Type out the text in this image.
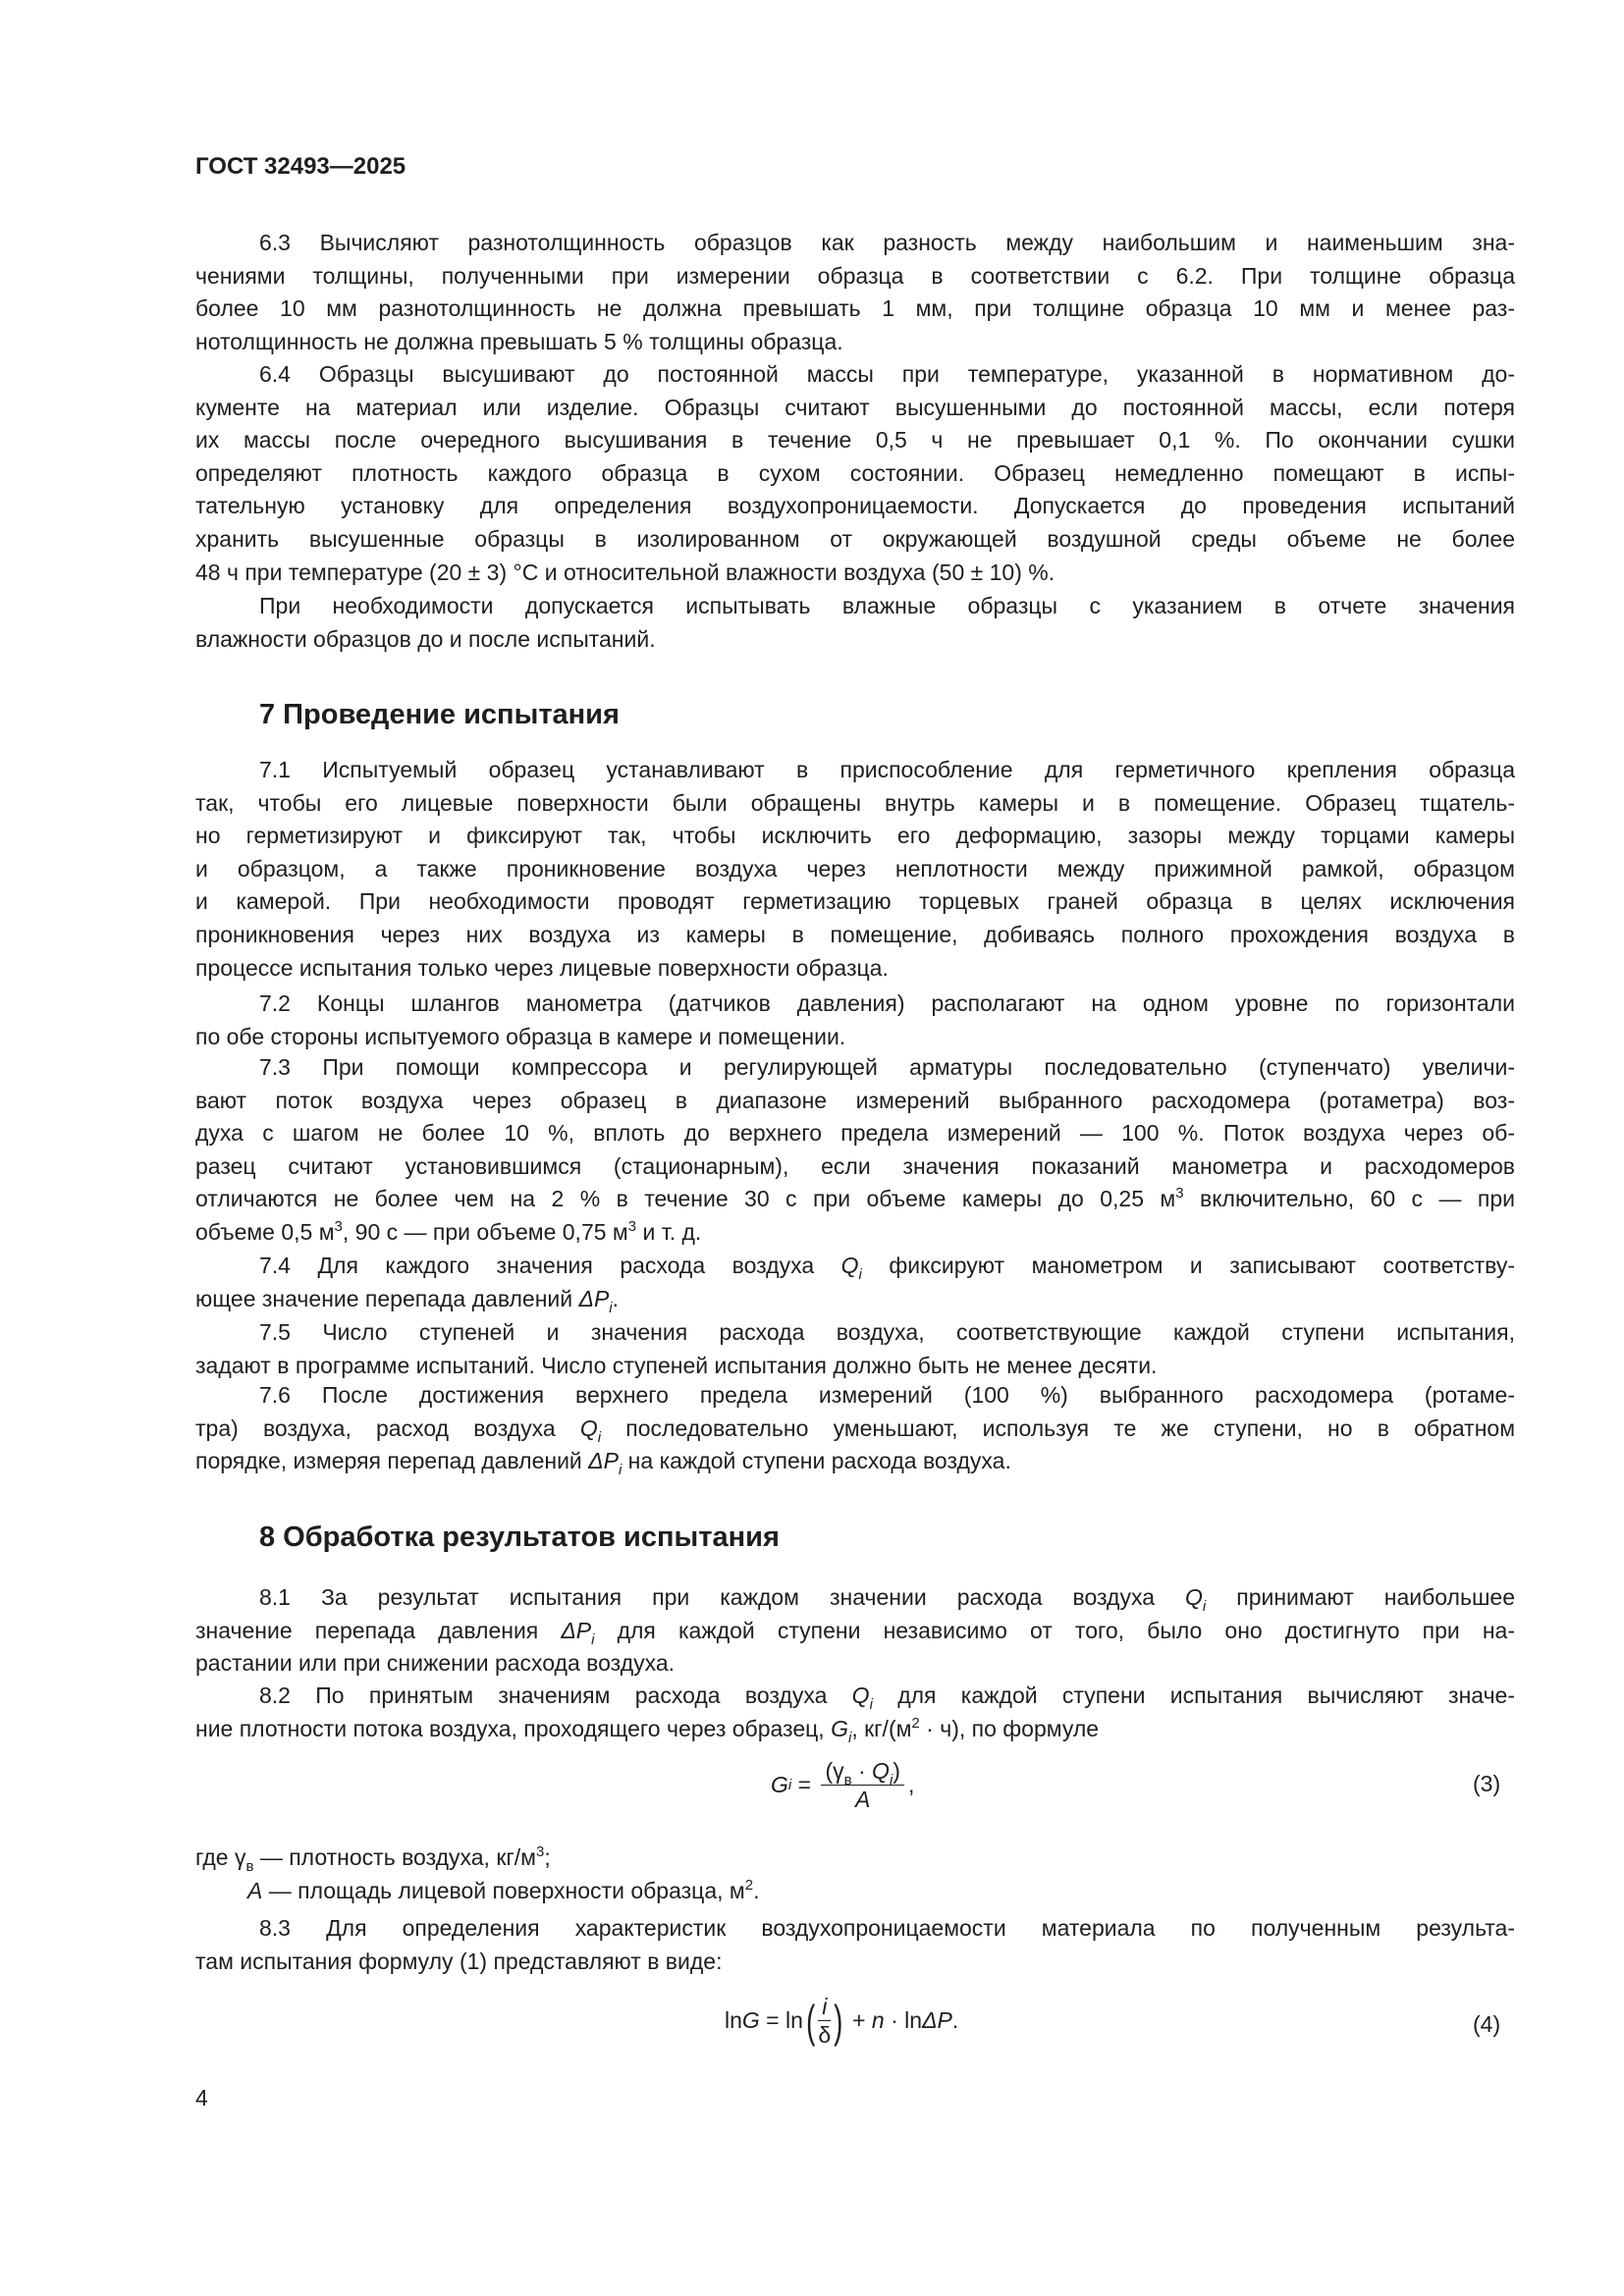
ГОСТ 32493—2025
6.3 Вычисляют разнотолщинность образцов как разность между наибольшим и наименьшим зна-
чениями толщины, полученными при измерении образца в соответствии с 6.2. При толщине образца
более 10 мм разнотолщинность не должна превышать 1 мм, при толщине образца 10 мм и менее раз-
нотолщинность не должна превышать 5 % толщины образца.
6.4 Образцы высушивают до постоянной массы при температуре, указанной в нормативном до-
кументе на материал или изделие. Образцы считают высушенными до постоянной массы, если потеря
их массы после очередного высушивания в течение 0,5 ч не превышает 0,1 %. По окончании сушки
определяют плотность каждого образца в сухом состоянии. Образец немедленно помещают в испы-
тательную установку для определения воздухопроницаемости. Допускается до проведения испытаний
хранить высушенные образцы в изолированном от окружающей воздушной среды объеме не более
48 ч при температуре (20 ± 3) °С и относительной влажности воздуха (50 ± 10) %.
При необходимости допускается испытывать влажные образцы с указанием в отчете значения
влажности образцов до и после испытаний.
7 Проведение испытания
7.1 Испытуемый образец устанавливают в приспособление для герметичного крепления образца
так, чтобы его лицевые поверхности были обращены внутрь камеры и в помещение. Образец тщатель-
но герметизируют и фиксируют так, чтобы исключить его деформацию, зазоры между торцами камеры
и образцом, а также проникновение воздуха через неплотности между прижимной рамкой, образцом
и камерой. При необходимости проводят герметизацию торцевых граней образца в целях исключения
проникновения через них воздуха из камеры в помещение, добиваясь полного прохождения воздуха в
процессе испытания только через лицевые поверхности образца.
7.2 Концы шлангов манометра (датчиков давления) располагают на одном уровне по горизонтали
по обе стороны испытуемого образца в камере и помещении.
7.3 При помощи компрессора и регулирующей арматуры последовательно (ступенчато) увеличи-
вают поток воздуха через образец в диапазоне измерений выбранного расходомера (ротаметра) воз-
духа с шагом не более 10 %, вплоть до верхнего предела измерений — 100 %. Поток воздуха через об-
разец считают установившимся (стационарным), если значения показаний манометра и расходомеров
отличаются не более чем на 2 % в течение 30 с при объеме камеры до 0,25 $м^3$ включительно, 60 с — при
объеме 0,5 $м^3$, 90 с — при объеме 0,75 $м^3$ и т. д.
7.4 Для каждого значения расхода воздуха $Q_i$ фиксируют манометром и записывают соответству-
ющее значение перепада давлений $\Delta P_i$.
7.5 Число ступеней и значения расхода воздуха, соответствующие каждой ступени испытания,
задают в программе испытаний. Число ступеней испытания должно быть не менее десяти.
7.6 После достижения верхнего предела измерений (100 %) выбранного расходомера (ротаме-
тра) воздуха, расход воздуха $Q_i$ последовательно уменьшают, используя те же ступени, но в обратном
порядке, измеряя перепад давлений $\Delta P_i$ на каждой ступени расхода воздуха.
8 Обработка результатов испытания
8.1 За результат испытания при каждом значении расхода воздуха $Q_i$ принимают наибольшее
значение перепада давления $\Delta P_i$ для каждой ступени независимо от того, было оно достигнуто при на-
растании или при снижении расхода воздуха.
8.2 По принятым значениям расхода воздуха $Q_i$ для каждой ступени испытания вычисляют значе-
ние плотности потока воздуха, проходящего через образец, $G_i$, $кг/(м^2 \cdot ч)$, по формуле
G $i = \frac{(\gamma_в \cdot Q_i)}{A}$ ,	(3)
где $\gamma_в$ — плотность воздуха, $кг/м^3$;
A — площадь лицевой поверхности образца, $м^2$.
8.3 Для определения характеристик воздухопроницаемости материала по полученным результа-
там испытания формулу (1) представляют в виде:
ln G = ln ( $\frac{i}{\delta}$ ) + n · ln ΔP .	(4)
4
